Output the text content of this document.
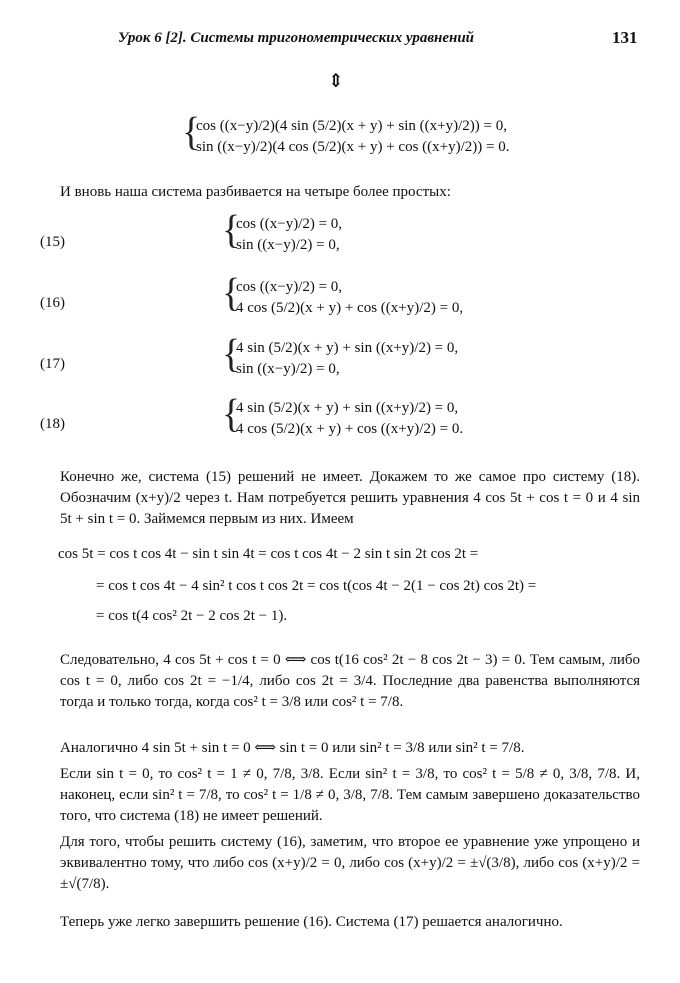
Урок 6 [2]. Системы тригонометрических уравнений	131
⇕
{
cos ((x−y)/2)(4 sin (5/2)(x + y) + sin ((x+y)/2)) = 0,
sin ((x−y)/2)(4 cos (5/2)(x + y) + cos ((x+y)/2)) = 0.
И вновь наша система разбивается на четыре более простых:
(15)	{
cos ((x−y)/2) = 0,
sin ((x−y)/2) = 0,
(16)	{
cos ((x−y)/2) = 0,
4 cos (5/2)(x + y) + cos ((x+y)/2) = 0,
(17)	{
4 sin (5/2)(x + y) + sin ((x+y)/2) = 0,
sin ((x−y)/2) = 0,
(18)	{
4 sin (5/2)(x + y) + sin ((x+y)/2) = 0,
4 cos (5/2)(x + y) + cos ((x+y)/2) = 0.

Конечно же, система (15) решений не имеет. Докажем то же самое про систему (18). Обозначим (x+y)/2 через t. Нам потребуется решить уравнения 4 cos 5t + cos t = 0 и 4 sin 5t + sin t = 0. Займемся первым из них. Имеем

cos 5t = cos t cos 4t − sin t sin 4t = cos t cos 4t − 2 sin t sin 2t cos 2t =
= cos t cos 4t − 4 sin² t cos t cos 2t = cos t(cos 4t − 2(1 − cos 2t) cos 2t) =
= cos t(4 cos² 2t − 2 cos 2t − 1).

Следовательно, 4 cos 5t + cos t = 0 ⟺ cos t(16 cos² 2t − 8 cos 2t − 3) = 0. Тем самым, либо cos t = 0, либо cos 2t = −1/4, либо cos 2t = 3/4. Последние два равенства выполняются тогда и только тогда, когда cos² t = 3/8 или cos² t = 7/8.

Аналогично 4 sin 5t + sin t = 0 ⟺ sin t = 0 или sin² t = 3/8 или sin² t = 7/8.

Если sin t = 0, то cos² t = 1 ≠ 0, 7/8, 3/8. Если sin² t = 3/8, то cos² t = 5/8 ≠ 0, 3/8, 7/8. И, наконец, если sin² t = 7/8, то cos² t = 1/8 ≠ 0, 3/8, 7/8. Тем самым завершено доказательство того, что система (18) не имеет решений.

Для того, чтобы решить систему (16), заметим, что второе ее уравнение уже упрощено и эквивалентно тому, что либо cos (x+y)/2 = 0, либо cos (x+y)/2 = ±√(3/8), либо cos (x+y)/2 = ±√(7/8).

Теперь уже легко завершить решение (16). Система (17) решается аналогично.
